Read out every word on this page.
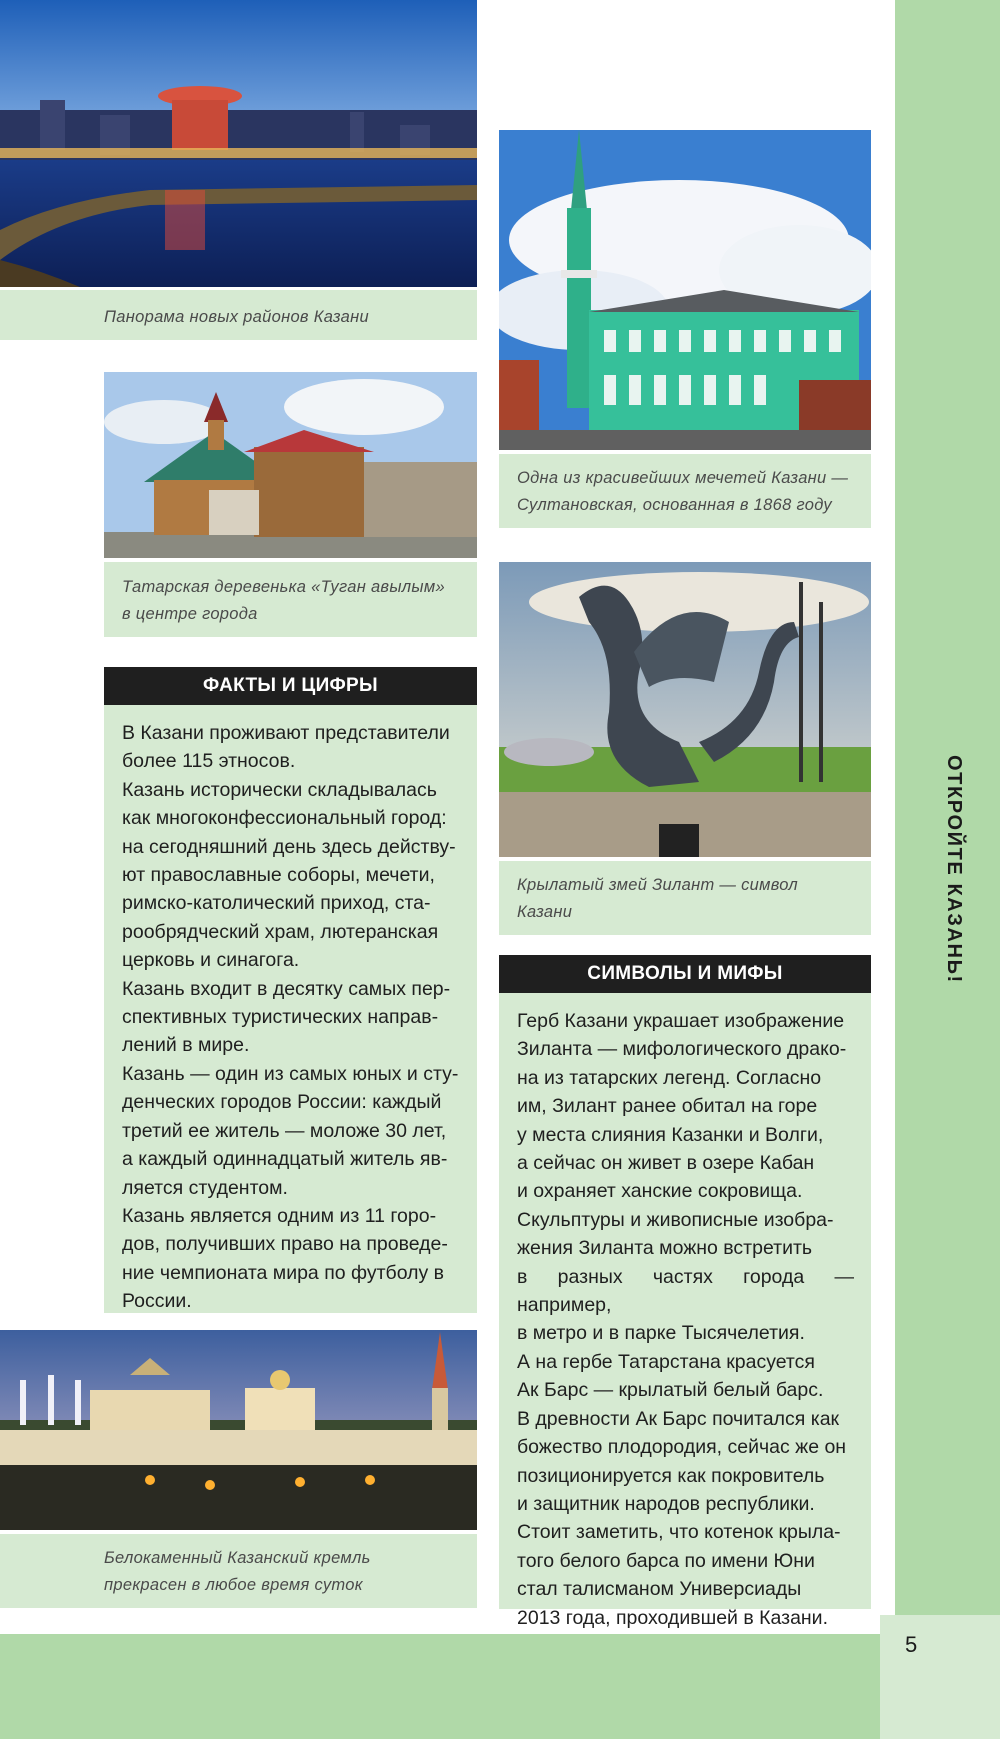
Панорама новых районов Казани
Татарская деревенька «Туган авылым»
в центре города
ФАКТЫ И ЦИФРЫ

В Казани проживают представители

более 115 этносов.

Казань исторически складывалась

как многоконфессиональный город:

на сегодняшний день здесь действу-

ют православные соборы, мечети,

римско-католический приход, ста-

рообрядческий храм, лютеранская

церковь и синагога.

Казань входит в десятку самых пер-

спективных туристических направ-

лений в мире.

Казань — один из самых юных и сту-

денческих городов России: каждый

третий ее житель — моложе 30 лет,

а каждый одиннадцатый житель яв-

ляется студентом.

Казань является одним из 11 горо-

дов, получивших право на проведе-

ние чемпионата мира по футболу в

России.

Белокаменный Казанский кремль
прекрасен в любое время суток
Одна из красивейших мечетей Казани —
Султановская, основанная в 1868 году
Крылатый змей Зилант — символ
Казани
СИМВОЛЫ И МИФЫ

Герб Казани украшает изображение

Зиланта — мифологического драко-

на из татарских легенд. Согласно

им, Зилант ранее обитал на горе

у места слияния Казанки и Волги,

а сейчас он живет в озере Кабан

и охраняет ханские сокровища.

Скульптуры и живописные изобра-

жения Зиланта можно встретить

в разных частях города — например,

в метро и в парке Тысячелетия.

А на гербе Татарстана красуется

Ак Барс — крылатый белый барс.

В древности Ак Барс почитался как

божество плодородия, сейчас же он

позиционируется как покровитель

и защитник народов республики.

Стоит заметить, что котенок крыла-

того белого барса по имени Юни

стал талисманом Универсиады

2013 года, проходившей в Казани.

ОТКРОЙТЕ КАЗАНЬ!
5
